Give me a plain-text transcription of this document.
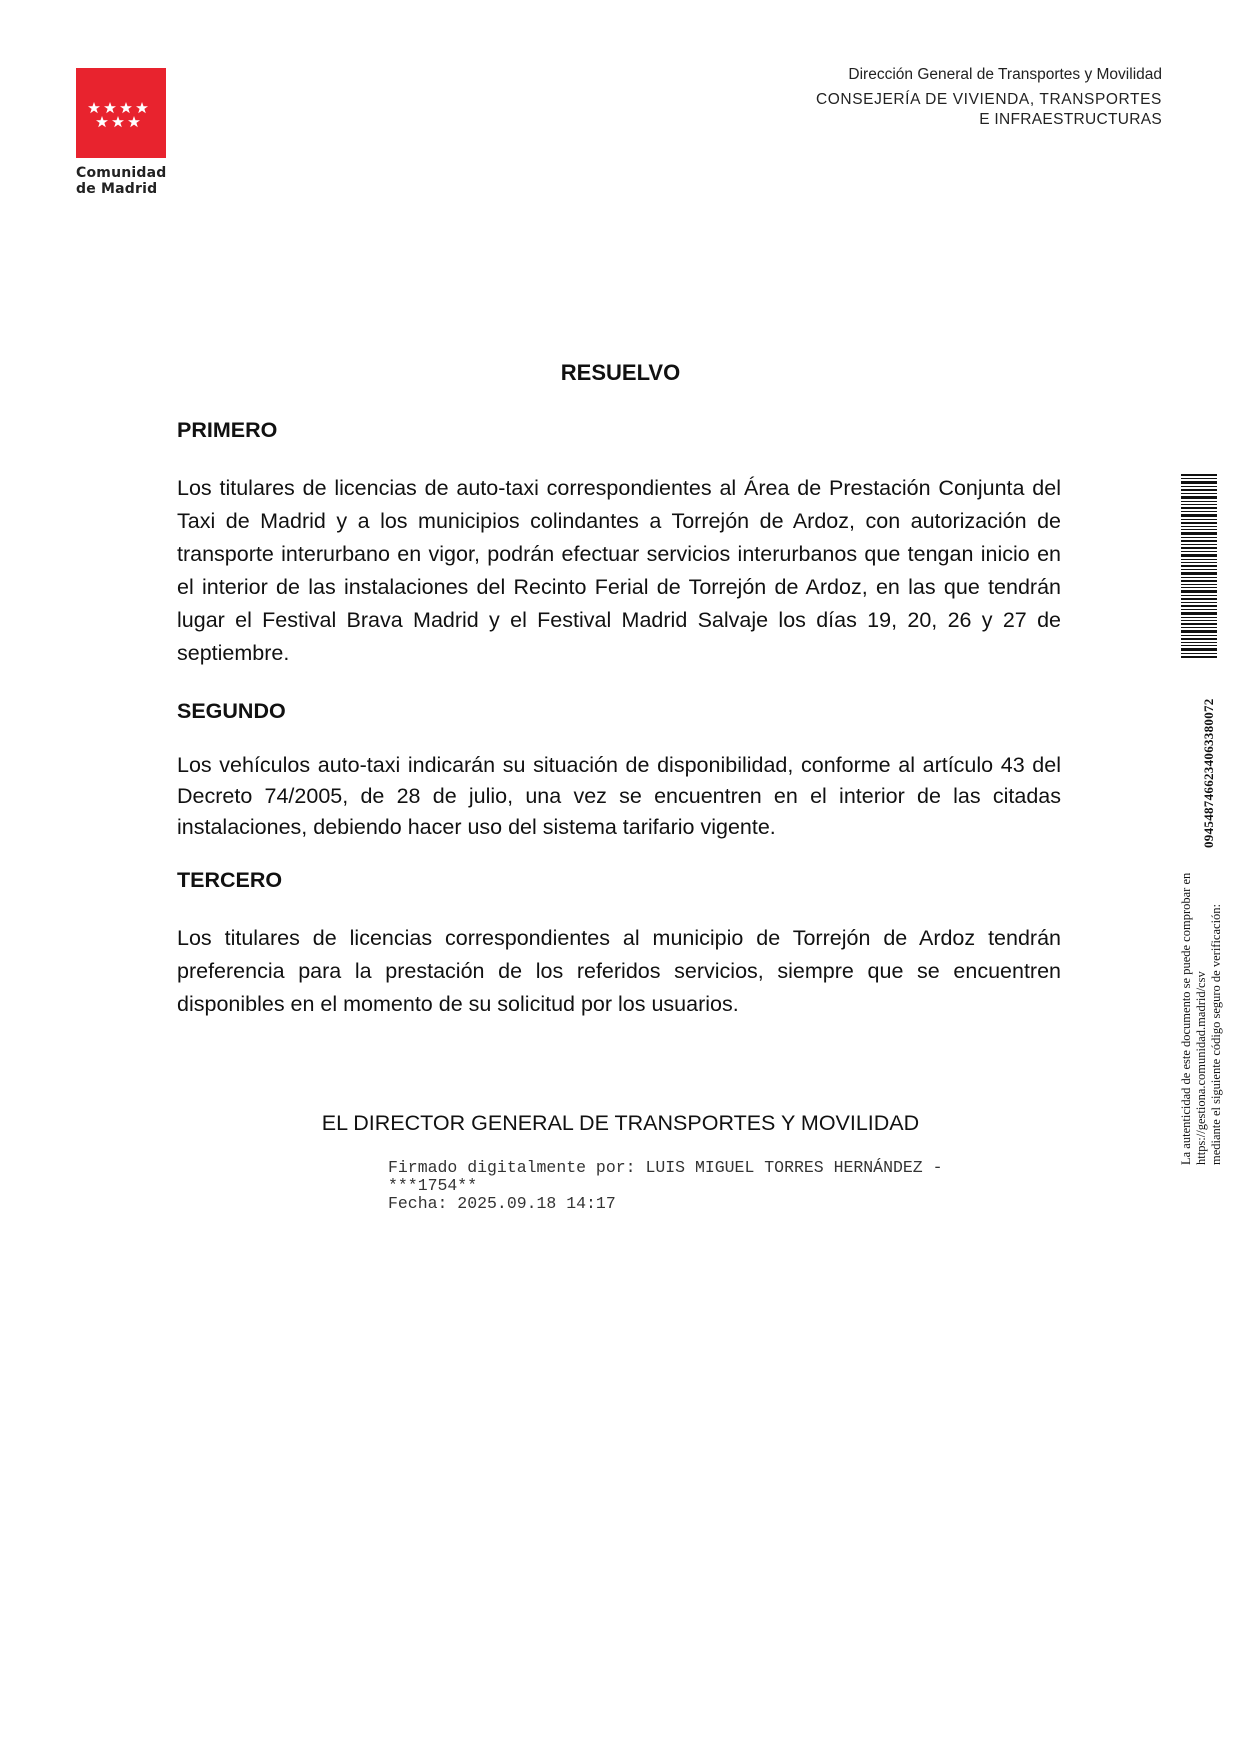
Comunidad
de Madrid
Dirección General de Transportes y Movilidad
CONSEJERÍA DE VIVIENDA, TRANSPORTES
E INFRAESTRUCTURAS
RESUELVO
PRIMERO
Los titulares de licencias de auto-taxi correspondientes al Área de Prestación Conjunta del Taxi de Madrid y a los municipios colindantes a Torrejón de Ardoz, con autorización de transporte interurbano en vigor, podrán efectuar servicios interurbanos que tengan inicio en el interior de las instalaciones del Recinto Ferial de Torrejón de Ardoz, en las que tendrán lugar el Festival Brava Madrid y el Festival Madrid Salvaje los días 19, 20, 26 y 27 de septiembre.
SEGUNDO
Los vehículos auto-taxi indicarán su situación de disponibilidad, conforme al artículo 43 del Decreto 74/2005, de 28 de julio, una vez se encuentren en el interior de las citadas instalaciones, debiendo hacer uso del sistema tarifario vigente.
TERCERO
Los titulares de licencias correspondientes al municipio de Torrejón de Ardoz tendrán preferencia para la prestación de los referidos servicios, siempre que se encuentren disponibles en el momento de su solicitud por los usuarios.
EL DIRECTOR GENERAL DE TRANSPORTES Y MOVILIDAD
Firmado digitalmente por: LUIS MIGUEL TORRES HERNÁNDEZ -
***1754**
Fecha: 2025.09.18 14:17
0945487466234063380072
La autenticidad de este documento se puede comprobar en https://gestiona.comunidad.madrid/csv mediante el siguiente código seguro de verificación:
